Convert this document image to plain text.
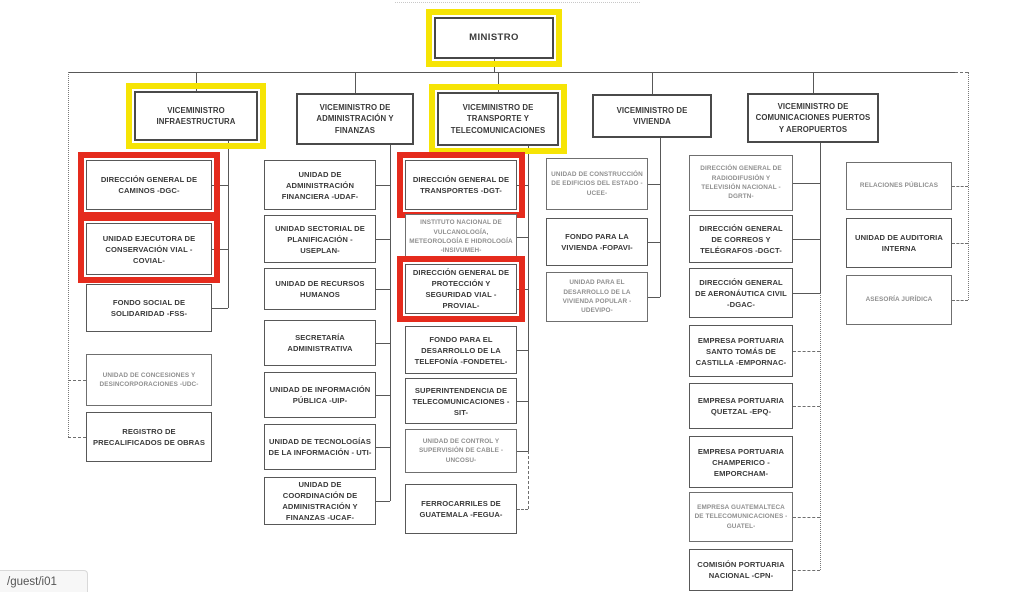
MINISTRO
VICEMINISTRO INFRAESTRUCTURA
VICEMINISTRO DE ADMINISTRACIÓN Y FINANZAS
VICEMINISTRO DE TRANSPORTE Y TELECOMUNICACIONES
VICEMINISTRO DE VIVIENDA
VICEMINISTRO DE COMUNICACIONES PUERTOS Y AEROPUERTOS
DIRECCIÓN GENERAL DE CAMINOS -DGC-
UNIDAD EJECUTORA DE CONSERVACIÓN VIAL -COVIAL-
FONDO SOCIAL DE SOLIDARIDAD -FSS-
UNIDAD DE CONCESIONES Y DESINCORPORACIONES -UDC-
REGISTRO DE PRECALIFICADOS DE OBRAS
UNIDAD DE ADMINISTRACIÓN FINANCIERA -UDAF-
UNIDAD SECTORIAL DE PLANIFICACIÓN -USEPLAN-
UNIDAD DE RECURSOS HUMANOS
SECRETARÍA ADMINISTRATIVA
UNIDAD DE INFORMACIÓN PÚBLICA -UIP-
UNIDAD DE TECNOLOGÍAS DE LA INFORMACIÓN - UTI-
UNIDAD DE COORDINACIÓN DE ADMINISTRACIÓN Y FINANZAS -UCAF-
DIRECCIÓN GENERAL DE TRANSPORTES -DGT-
INSTITUTO NACIONAL DE VULCANOLOGÍA, METEOROLOGÍA E HIDROLOGÍA -INSIVUMEH-
DIRECCIÓN GENERAL DE PROTECCIÓN Y SEGURIDAD VIAL -PROVIAL-
FONDO PARA EL DESARROLLO DE LA TELEFONÍA -FONDETEL-
SUPERINTENDENCIA DE TELECOMUNICACIONES -SIT-
UNIDAD DE CONTROL Y SUPERVISIÓN DE CABLE -UNCOSU-
FERROCARRILES DE GUATEMALA -FEGUA-
UNIDAD DE CONSTRUCCIÓN DE EDIFICIOS DEL ESTADO - UCEE-
FONDO PARA LA VIVIENDA -FOPAVI-
UNIDAD PARA EL DESARROLLO DE LA VIVIENDA POPULAR -UDEVIPO-
DIRECCIÓN GENERAL DE RADIODIFUSIÓN Y TELEVISIÓN NACIONAL -DGRTN-
DIRECCIÓN GENERAL DE CORREOS Y TELÉGRAFOS -DGCT-
DIRECCIÓN GENERAL DE AERONÁUTICA CIVIL -DGAC-
EMPRESA PORTUARIA SANTO TOMÁS DE CASTILLA -EMPORNAC-
EMPRESA PORTUARIA QUETZAL -EPQ-
EMPRESA PORTUARIA CHAMPERICO -EMPORCHAM-
EMPRESA GUATEMALTECA DE TELECOMUNICACIONES -GUATEL-
COMISIÓN PORTUARIA NACIONAL -CPN-
RELACIONES PÚBLICAS
UNIDAD DE AUDITORIA INTERNA
ASESORÍA JURÍDICA
/guest/i01
